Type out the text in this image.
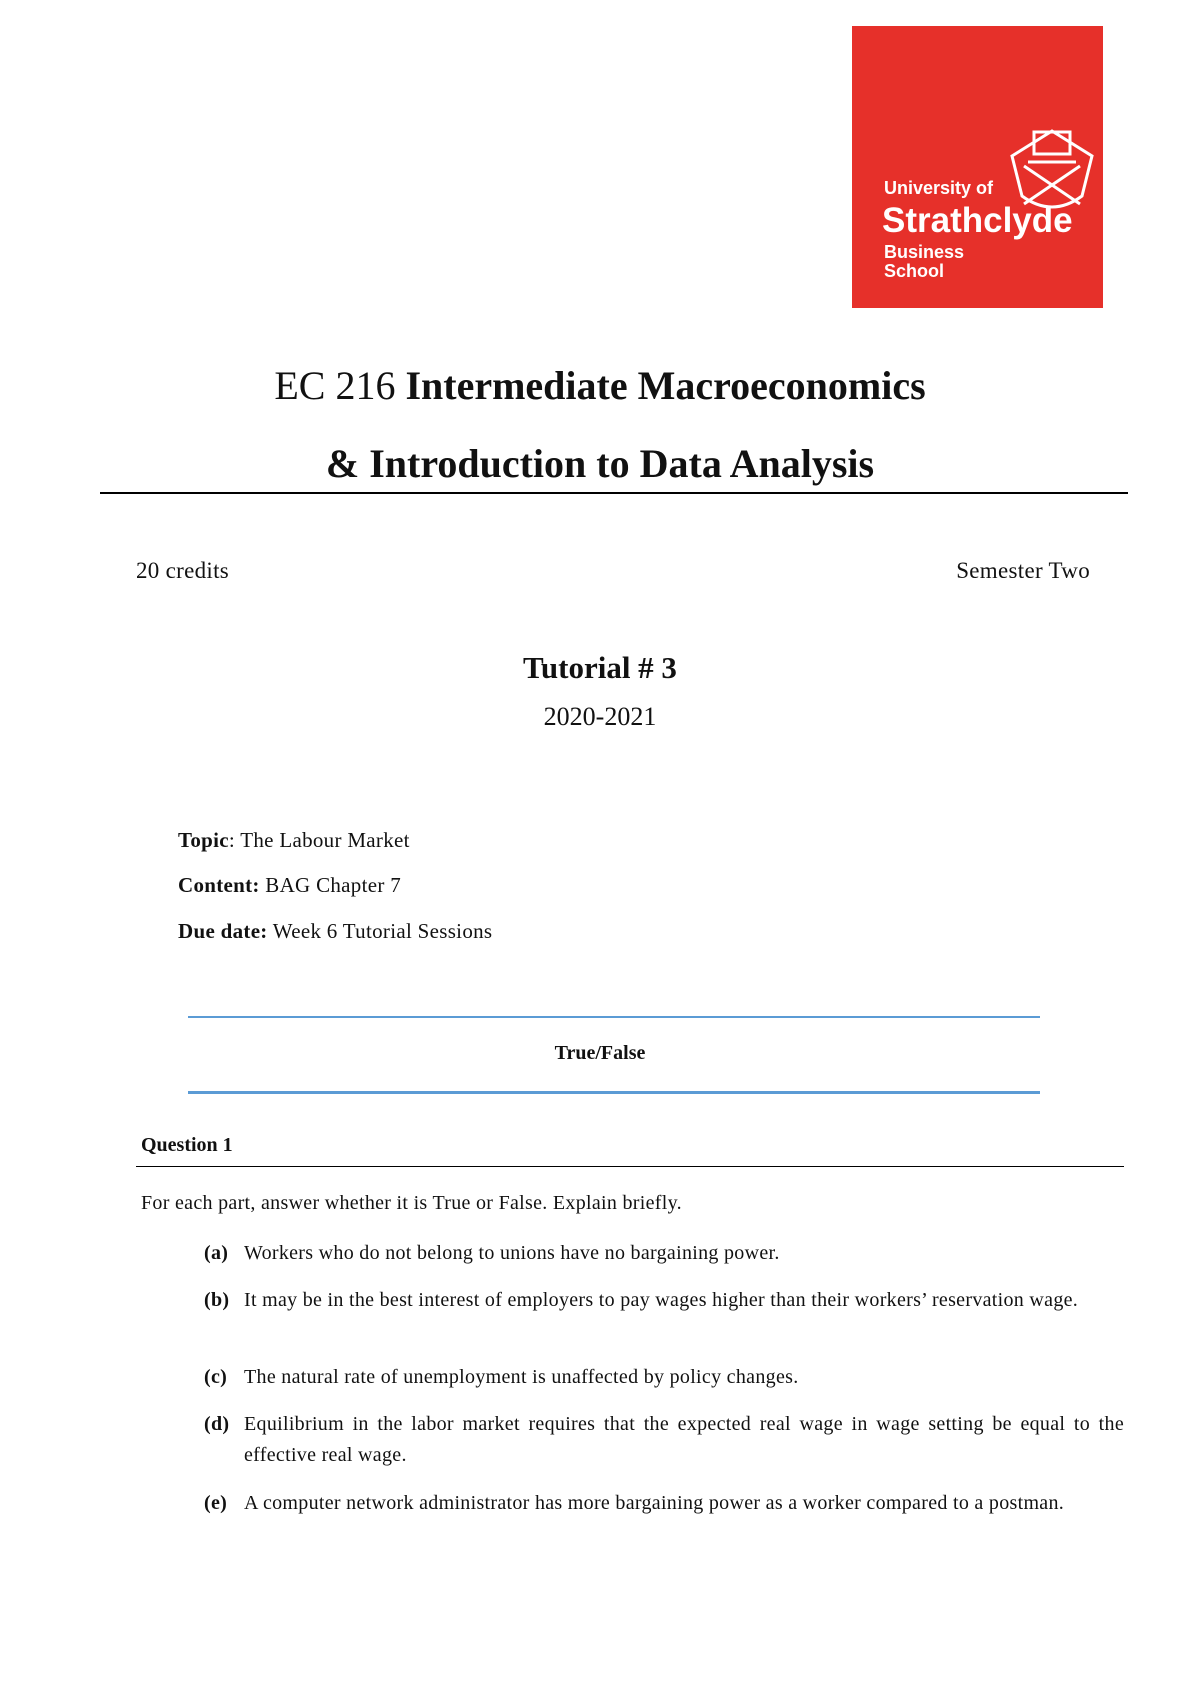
University of
Strathclyde
Business
School
EC 216 Intermediate Macroeconomics
& Introduction to Data Analysis
20 credits	Semester Two
Tutorial # 3
2020-2021
Topic: The Labour Market
Content: BAG Chapter 7
Due date: Week 6 Tutorial Sessions
True/False
Question 1
For each part, answer whether it is True or False. Explain briefly.
(a) Workers who do not belong to unions have no bargaining power.
(b) It may be in the best interest of employers to pay wages higher than their workers’ reservation wage.
(c) The natural rate of unemployment is unaffected by policy changes.
(d) Equilibrium in the labor market requires that the expected real wage in wage setting be equal to the effective real wage.
(e) A computer network administrator has more bargaining power as a worker compared to a postman.
